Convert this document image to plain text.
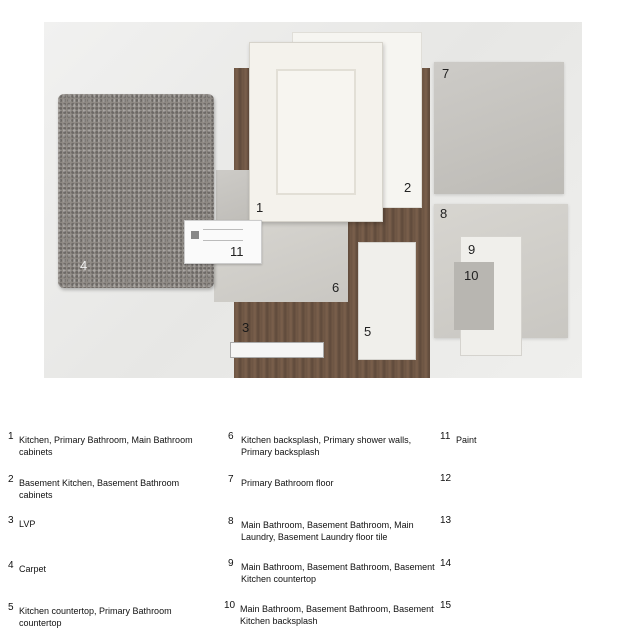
1
2
3
4
5
6
7
8
9
10
11
1 Kitchen, Primary Bathroom, Main Bathroom cabinets
2 Basement Kitchen, Basement Bathroom cabinets
3 LVP
4 Carpet
5 Kitchen countertop, Primary Bathroom countertop
6 Kitchen backsplash, Primary shower walls, Primary backsplash
7 Primary Bathroom floor
8 Main Bathroom, Basement Bathroom, Main Laundry, Basement Laundry floor tile
9 Main Bathroom, Basement Bathroom, Basement Kitchen countertop
10 Main Bathroom, Basement Bathroom, Basement Kitchen backsplash
11 Paint
12
13
14
15
